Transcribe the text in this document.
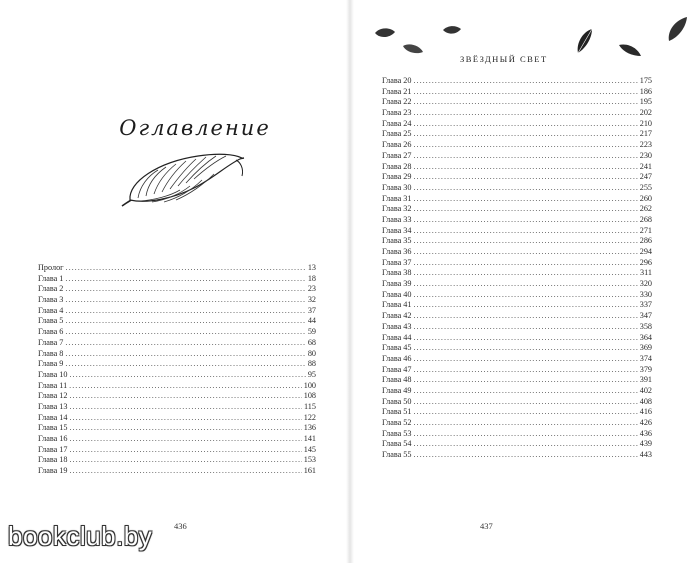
Оглавление
Пролог .....	13
Глава 1 .....	18
Глава 2 .....	23
Глава 3 .....	32
Глава 4 .....	37
Глава 5 .....	44
Глава 6 .....	59
Глава 7 .....	68
Глава 8 .....	80
Глава 9 .....	88
Глава 10 .....	95
Глава 11 .....	100
Глава 12 .....	108
Глава 13 .....	115
Глава 14 .....	122
Глава 15 .....	136
Глава 16 .....	141
Глава 17 .....	145
Глава 18 .....	153
Глава 19 .....	161
436
ЗВЁЗДНЫЙ СВЕТ
Глава 20 .....	175
Глава 21 .....	186
Глава 22 .....	195
Глава 23 .....	202
Глава 24 .....	210
Глава 25 .....	217
Глава 26 .....	223
Глава 27 .....	230
Глава 28 .....	241
Глава 29 .....	247
Глава 30 .....	255
Глава 31 .....	260
Глава 32 .....	262
Глава 33 .....	268
Глава 34 .....	271
Глава 35 .....	286
Глава 36 .....	294
Глава 37 .....	296
Глава 38 .....	311
Глава 39 .....	320
Глава 40 .....	330
Глава 41 .....	337
Глава 42 .....	347
Глава 43 .....	358
Глава 44 .....	364
Глава 45 .....	369
Глава 46 .....	374
Глава 47 .....	379
Глава 48 .....	391
Глава 49 .....	402
Глава 50 .....	408
Глава 51 .....	416
Глава 52 .....	426
Глава 53 .....	436
Глава 54 .....	439
Глава 55 .....	443
437
bookclub.by
